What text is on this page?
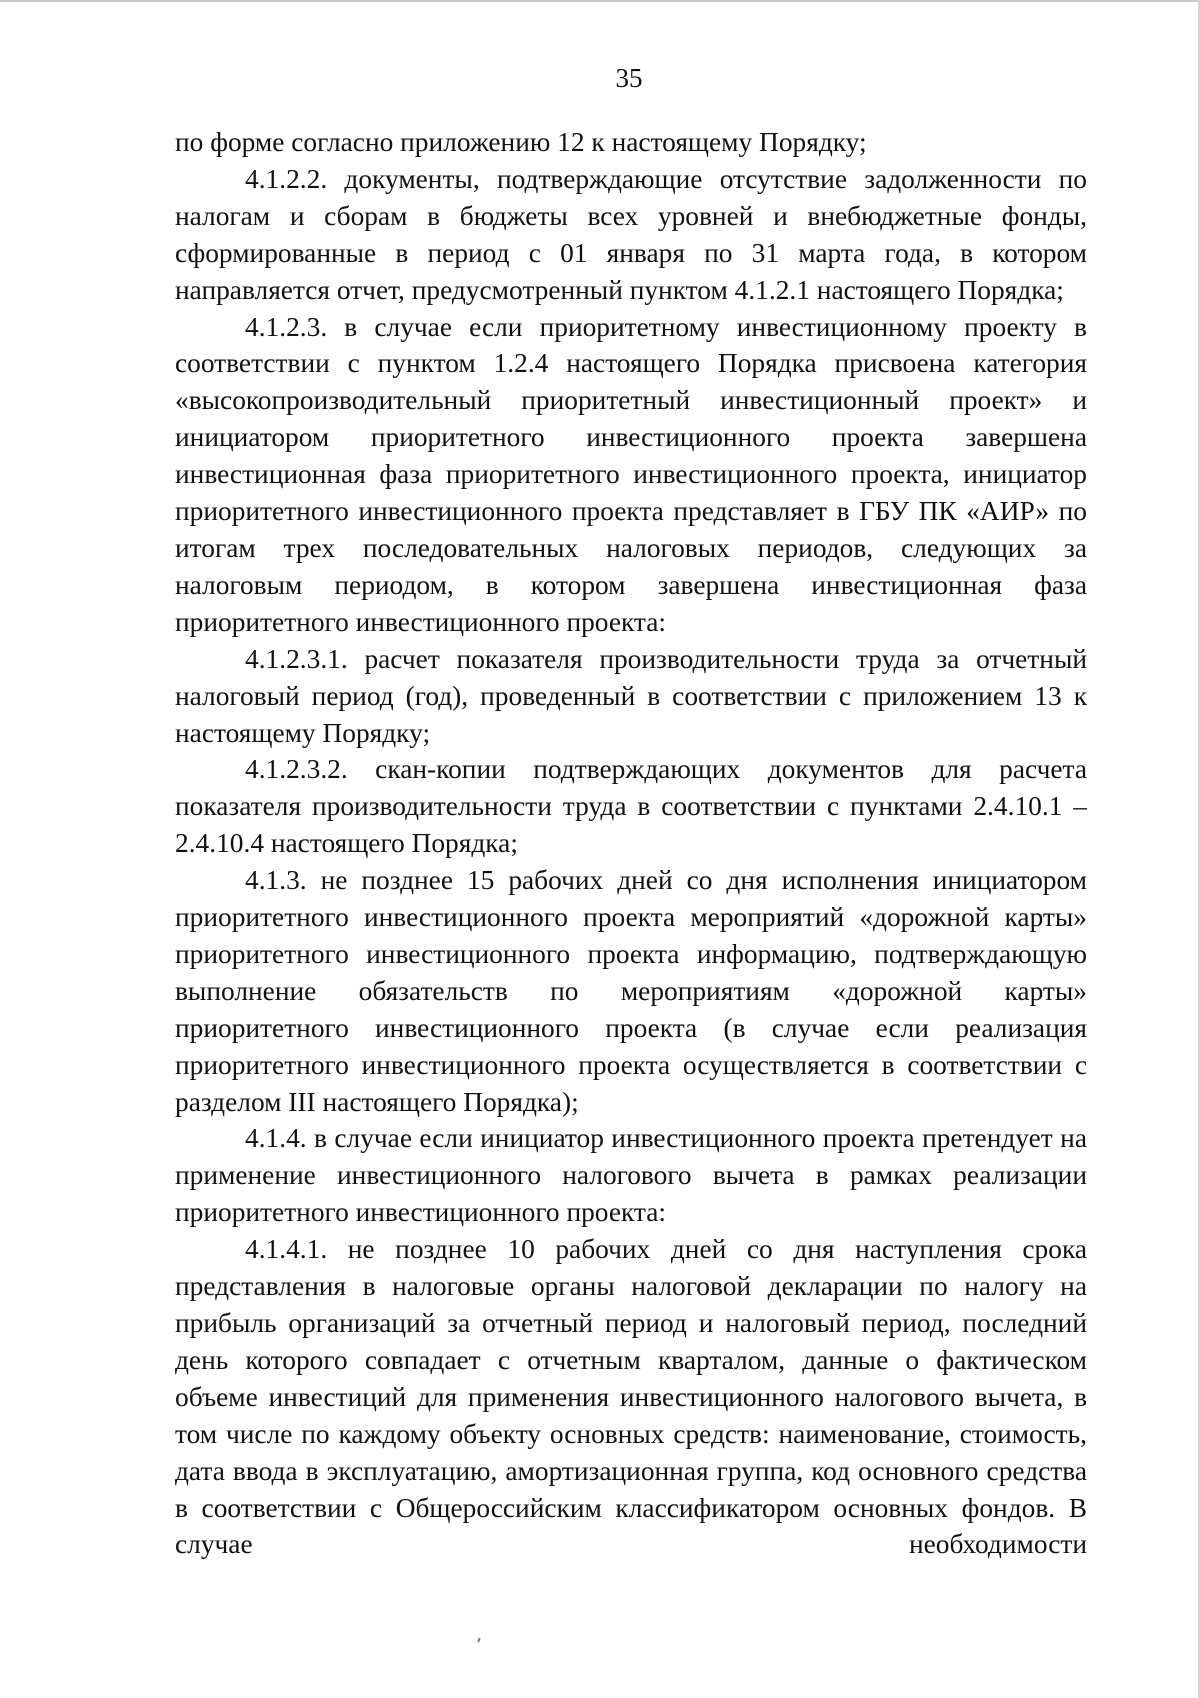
35

по форме согласно приложению 12 к настоящему Порядку;

4.1.2.2. документы, подтверждающие отсутствие задолженности по налогам и сборам в бюджеты всех уровней и внебюджетные фонды, сформированные в период с 01 января по 31 марта года, в котором направляется отчет, предусмотренный пунктом 4.1.2.1 настоящего Порядка;

4.1.2.3. в случае если приоритетному инвестиционному проекту в соответствии с пунктом 1.2.4 настоящего Порядка присвоена категория «высокопроизводительный приоритетный инвестиционный проект» и инициатором приоритетного инвестиционного проекта завершена инвестиционная фаза приоритетного инвестиционного проекта, инициатор приоритетного инвестиционного проекта представляет в ГБУ ПК «АИР» по итогам трех последовательных налоговых периодов, следующих за налоговым периодом, в котором завершена инвестиционная фаза приоритетного инвестиционного проекта:

4.1.2.3.1. расчет показателя производительности труда за отчетный налоговый период (год), проведенный в соответствии с приложением 13 к настоящему Порядку;

4.1.2.3.2. скан-копии подтверждающих документов для расчета показателя производительности труда в соответствии с пунктами 2.4.10.1 – 2.4.10.4 настоящего Порядка;

4.1.3. не позднее 15 рабочих дней со дня исполнения инициатором приоритетного инвестиционного проекта мероприятий «дорожной карты» приоритетного инвестиционного проекта информацию, подтверждающую выполнение обязательств по мероприятиям «дорожной карты» приоритетного инвестиционного проекта (в случае если реализация приоритетного инвестиционного проекта осуществляется в соответствии с разделом III настоящего Порядка);

4.1.4. в случае если инициатор инвестиционного проекта претендует на применение инвестиционного налогового вычета в рамках реализации приоритетного инвестиционного проекта:

4.1.4.1. не позднее 10 рабочих дней со дня наступления срока представления в налоговые органы налоговой декларации по налогу на прибыль организаций за отчетный период и налоговый период, последний день которого совпадает с отчетным кварталом, данные о фактическом объеме инвестиций для применения инвестиционного налогового вычета, в том числе по каждому объекту основных средств: наименование, стоимость, дата ввода в эксплуатацию, амортизационная группа, код основного средства в соответствии с Общероссийским классификатором основных фондов. В случае необходимости
